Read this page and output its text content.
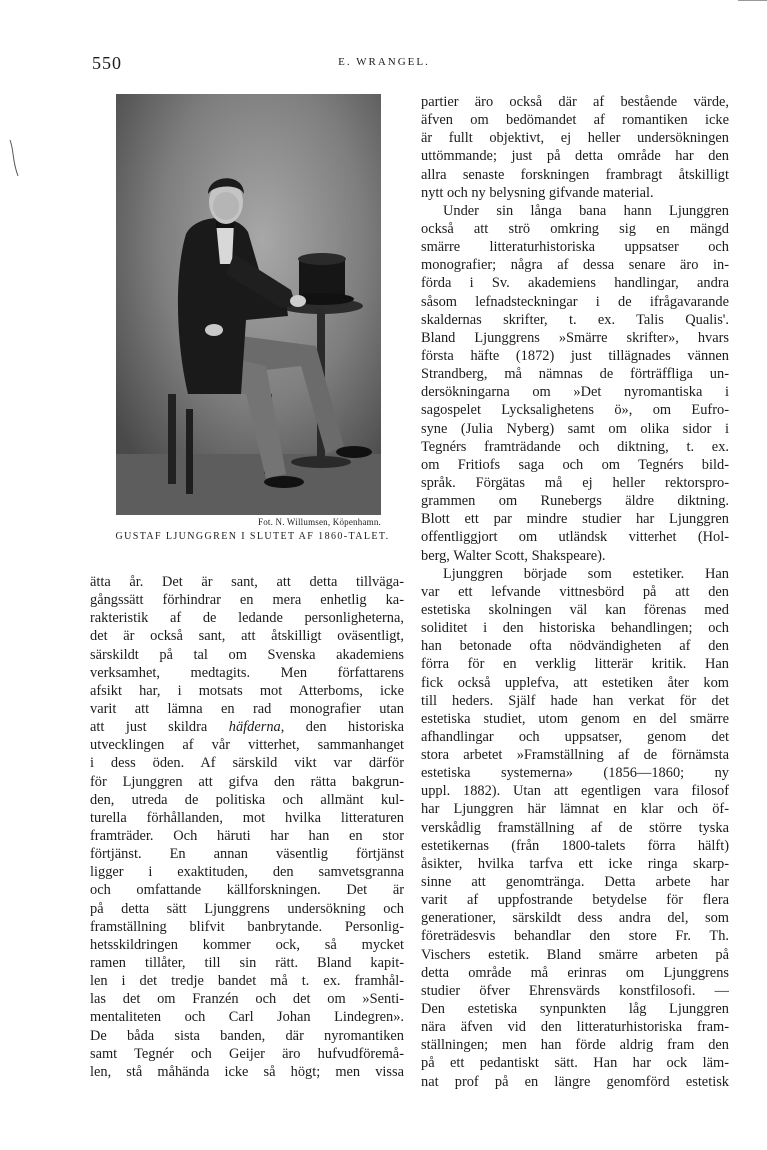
550	E. WRANGEL.
Fot. N. Willumsen, Köpenhamn.
GUSTAF LJUNGGREN I SLUTET AF 1860-TALET.
ätta år. Det är sant, att detta tillväga-
gångssätt förhindrar en mera enhetlig ka-
rakteristik af de ledande personligheterna,
det är också sant, att åtskilligt oväsentligt,
särskildt på tal om Svenska akademiens
verksamhet, medtagits. Men författarens
afsikt har, i motsats mot Atterboms, icke
varit att lämna en rad monografier utan
att just skildra häfderna, den historiska
utvecklingen af vår vitterhet, sammanhanget
i dess öden. Af särskild vikt var därför
för Ljunggren att gifva den rätta bakgrun-
den, utreda de politiska och allmänt kul-
turella förhållanden, mot hvilka litteraturen
framträder. Och häruti har han en stor
förtjänst. En annan väsentlig förtjänst
ligger i exaktituden, den samvetsgranna
och omfattande källforskningen. Det är
på detta sätt Ljunggrens undersökning och
framställning blifvit banbrytande. Personlig-
hetsskildringen kommer ock, så mycket
ramen tillåter, till sin rätt. Bland kapit-
len i det tredje bandet må t. ex. framhål-
las det om Franzén och det om »Senti-
mentaliteten och Carl Johan Lindegren».
De båda sista banden, där nyromantiken
samt Tegnér och Geijer äro hufvudföremå-
len, stå måhända icke så högt; men vissa
partier äro också där af bestående värde,
äfven om bedömandet af romantiken icke
är fullt objektivt, ej heller undersökningen
uttömmande; just på detta område har den
allra senaste forskningen frambragt åtskilligt
nytt och ny belysning gifvande material.
Under sin långa bana hann Ljunggren
också att strö omkring sig en mängd
smärre litteraturhistoriska uppsatser och
monografier; några af dessa senare äro in-
förda i Sv. akademiens handlingar, andra
såsom lefnadsteckningar i de ifrågavarande
skaldernas skrifter, t. ex. Talis Qualis'.
Bland Ljunggrens »Smärre skrifter», hvars
första häfte (1872) just tillägnades vännen
Strandberg, må nämnas de förträffliga un-
dersökningarna om »Det nyromantiska i
sagospelet Lycksalighetens ö», om Eufro-
syne (Julia Nyberg) samt om olika sidor i
Tegnérs framträdande och diktning, t. ex.
om Fritiofs saga och om Tegnérs bild-
språk. Förgätas må ej heller rektorspro-
grammen om Runebergs äldre diktning.
Blott ett par mindre studier har Ljunggren
offentliggjort om utländsk vitterhet (Hol-
berg, Walter Scott, Shakspeare).
Ljunggren började som estetiker. Han
var ett lefvande vittnesbörd på att den
estetiska skolningen väl kan förenas med
soliditet i den historiska behandlingen; och
han betonade ofta nödvändigheten af den
förra för en verklig litterär kritik. Han
fick också upplefva, att estetiken åter kom
till heders. Själf hade han verkat för det
estetiska studiet, utom genom en del smärre
afhandlingar och uppsatser, genom det
stora arbetet »Framställning af de förnämsta
estetiska systemerna» (1856—1860; ny
uppl. 1882). Utan att egentligen vara filosof
har Ljunggren här lämnat en klar och öf-
verskådlig framställning af de större tyska
estetikernas (från 1800-talets förra hälft)
åsikter, hvilka tarfva ett icke ringa skarp-
sinne att genomtränga. Detta arbete har
varit af uppfostrande betydelse för flera
generationer, särskildt dess andra del, som
företrädesvis behandlar den store Fr. Th.
Vischers estetik. Bland smärre arbeten på
detta område må erinras om Ljunggrens
studier öfver Ehrensvärds konstfilosofi. —
Den estetiska synpunkten låg Ljunggren
nära äfven vid den litteraturhistoriska fram-
ställningen; men han förde aldrig fram den
på ett pedantiskt sätt. Han har ock läm-
nat prof på en längre genomförd estetisk
